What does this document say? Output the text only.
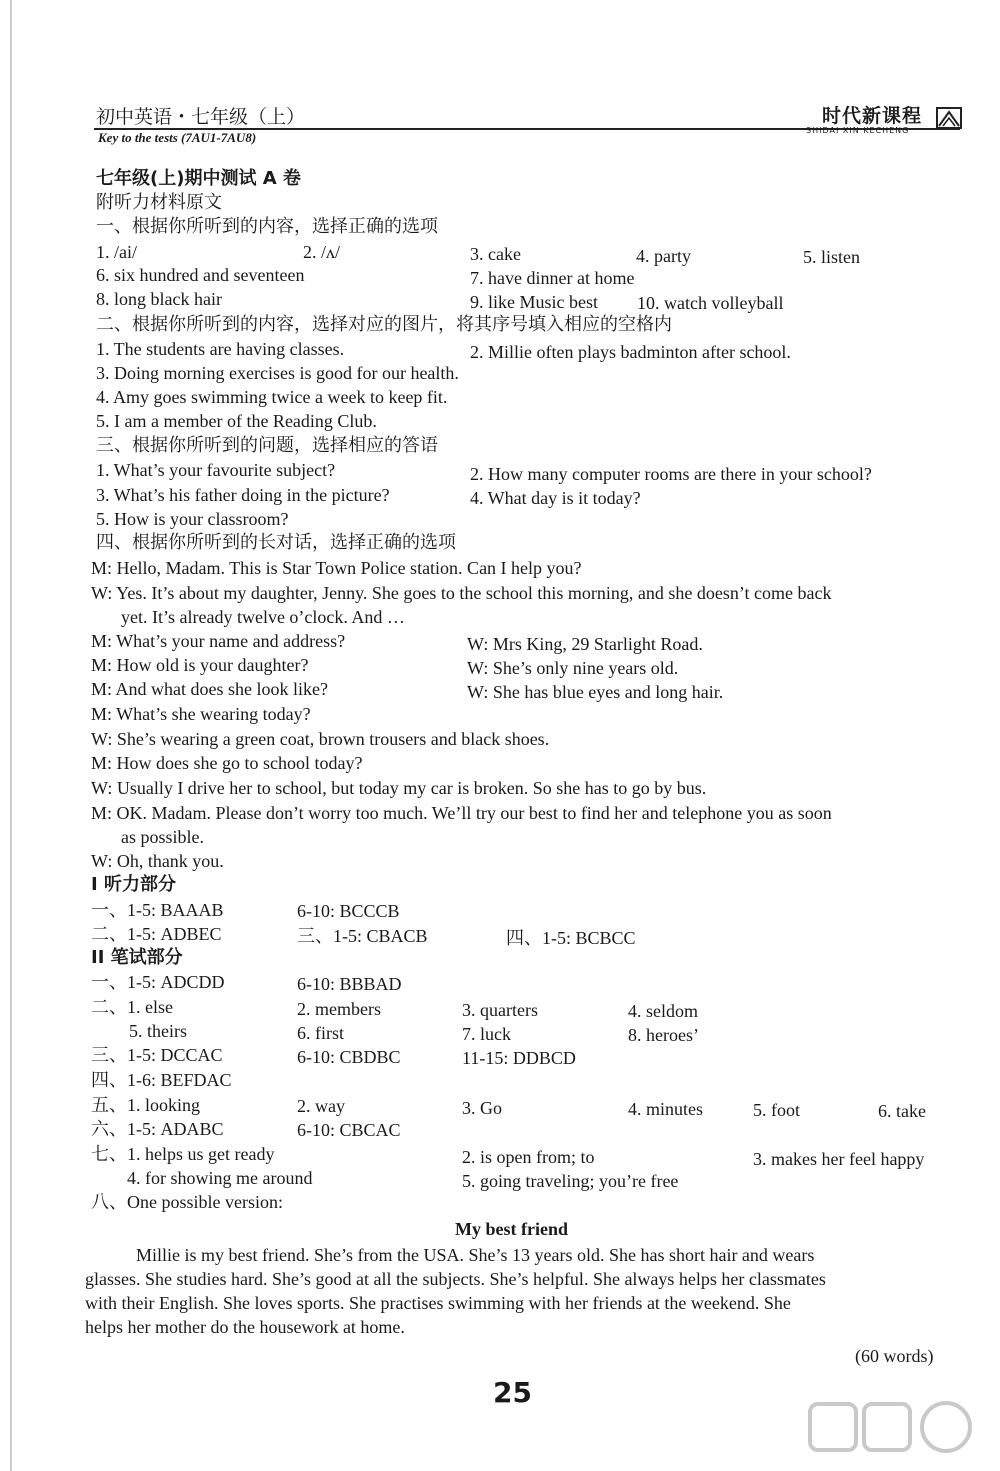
初中英语・七年级（上）	时代新课程
Key to the tests (7AU1-7AU8)	SHIDAI XIN KECHENG
七年级(上)期中测试 A 卷
附听力材料原文
一、根据你所听到的内容，选择正确的选项
1. /ai/	2. /ʌ/	3. cake	4. party	5. listen
6. six hundred and seventeen	7. have dinner at home
8. long black hair	9. like Music best 10. watch volleyball
二、根据你所听到的内容，选择对应的图片，将其序号填入相应的空格内
1. The students are having classes.	2. Millie often plays badminton after school.
3. Doing morning exercises is good for our health.
4. Amy goes swimming twice a week to keep fit.
5. I am a member of the Reading Club.
三、根据你所听到的问题，选择相应的答语
1. What’s your favourite subject?	2. How many computer rooms are there in your school?
3. What’s his father doing in the picture?	4. What day is it today?
5. How is your classroom?
四、根据你所听到的长对话，选择正确的选项
M: Hello, Madam. This is Star Town Police station. Can I help you?
W: Yes. It’s about my daughter, Jenny. She goes to the school this morning, and she doesn’t come back
yet. It’s already twelve o’clock. And …
M: What’s your name and address?	W: Mrs King, 29 Starlight Road.
M: How old is your daughter?	W: She’s only nine years old.
M: And what does she look like?	W: She has blue eyes and long hair.
M: What’s she wearing today?
W: She’s wearing a green coat, brown trousers and black shoes.
M: How does she go to school today?
W: Usually I drive her to school, but today my car is broken. So she has to go by bus.
M: OK. Madam. Please don’t worry too much. We’ll try our best to find her and telephone you as soon
as possible.
W: Oh, thank you.
I 听力部分
一、1-5: BAAAB	6-10: BCCCB
二、1-5: ADBEC	三、1-5: CBACB	四、1-5: BCBCC
II 笔试部分
一、1-5: ADCDD	6-10: BBBAD
二、1. else	2. members	3. quarters	4. seldom
5. theirs	6. first	7. luck	8. heroes’
三、1-5: DCCAC	6-10: CBDBC	11-15: DDBCD
四、1-6: BEFDAC
五、1. looking	2. way	3. Go	4. minutes	5. foot	6. take
六、1-5: ADABC	6-10: CBCAC
七、1. helps us get ready	2. is open from; to	3. makes her feel happy
4. for showing me around	5. going traveling; you’re free
八、One possible version:
My best friend
Millie is my best friend. She’s from the USA. She’s 13 years old. She has short hair and wears
glasses. She studies hard. She’s good at all the subjects. She’s helpful. She always helps her classmates
with their English. She loves sports. She practises swimming with her friends at the weekend. She
helps her mother do the housework at home.
(60 words)
25
